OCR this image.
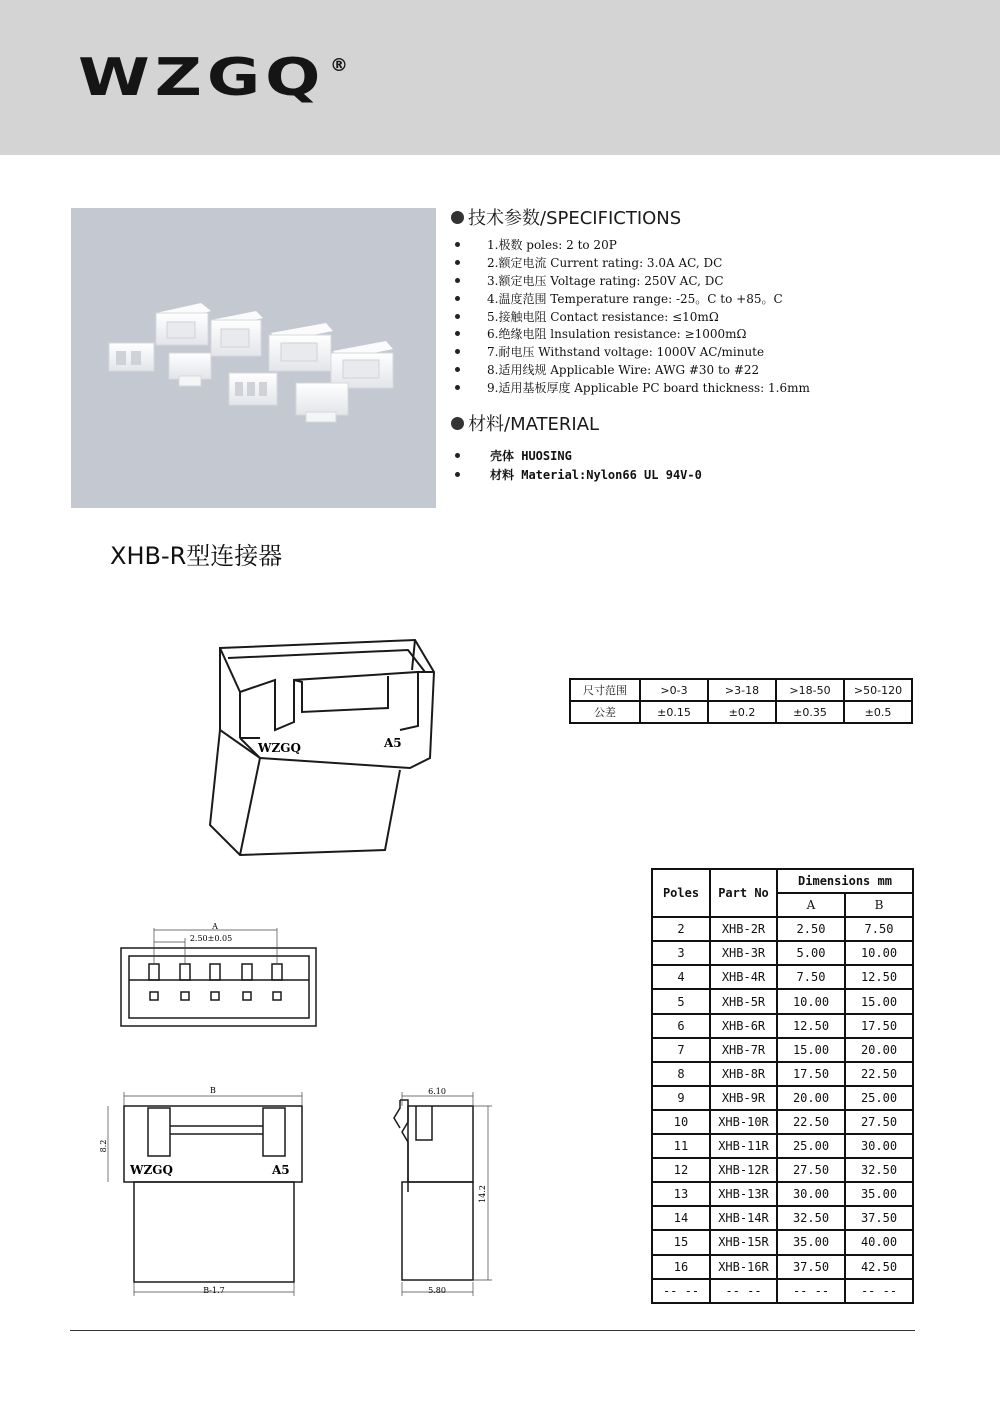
WZGQ ®
技术参数/SPECIFICTIONS
1.极数 poles: 2 to 20P
2.额定电流 Current rating: 3.0A AC, DC
3.额定电压 Voltage rating: 250V AC, DC
4.温度范围 Temperature range: -25。C to +85。C
5.接触电阻 Contact resistance: ≤10mΩ
6.绝缘电阻 lnsulation resistance: ≥1000mΩ
7.耐电压 Withstand voltage: 1000V AC/minute
8.适用线规 Applicable Wire: AWG #30 to #22
9.适用基板厚度 Applicable PC board thickness: 1.6mm
材料/MATERIAL
壳体 HUOSING
材料 Material:Nylon66 UL 94V-0
XHB-R型连接器
WZGQ	A5
A
2.50±0.05
B
8.2
WZGQ	A5
B-1.7
6.10
5.80
14.2
尺寸范围	>0-3	>3-18	>18-50	>50-120
公差	±0.15	±0.2	±0.35	±0.5
Poles	Part No	Dimensions mm	
		A	B
2	XHB-2R	2.50	7.50
3	XHB-3R	5.00	10.00
4	XHB-4R	7.50	12.50
5	XHB-5R	10.00	15.00
6	XHB-6R	12.50	17.50
7	XHB-7R	15.00	20.00
8	XHB-8R	17.50	22.50
9	XHB-9R	20.00	25.00
10	XHB-10R	22.50	27.50
11	XHB-11R	25.00	30.00
12	XHB-12R	27.50	32.50
13	XHB-13R	30.00	35.00
14	XHB-14R	32.50	37.50
15	XHB-15R	35.00	40.00
16	XHB-16R	37.50	42.50
-- --	-- --	-- --	-- --
